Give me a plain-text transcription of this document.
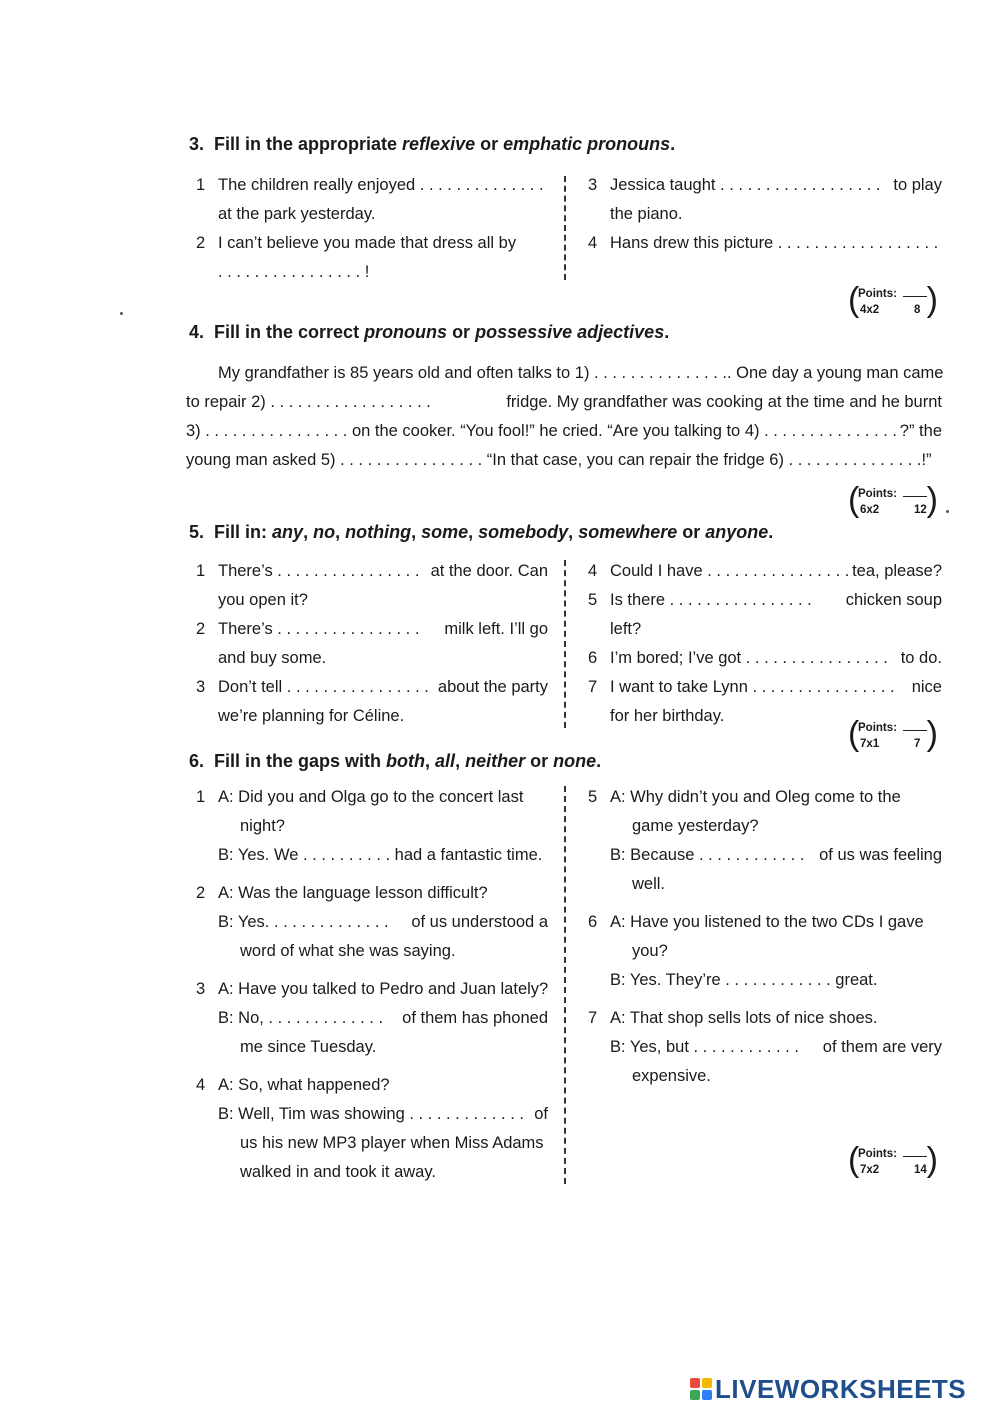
3. Fill in the appropriate reflexive or emphatic pronouns.
1 The children really enjoyed . . . . . . . . . . . . . .
at the park yesterday.
2 I can’t believe you made that dress all by
. . . . . . . . . . . . . . . . !
3 Jessica taught . . . . . . . . . . . . . . . . . . to play
the piano.
4 Hans drew this picture . . . . . . . . . . . . . . . . . .
(
Points:
4x2	8 )
4. Fill in the correct pronouns or possessive adjectives.
My grandfather is 85 years old and often talks to 1) . . . . . . . . . . . . . . . . One day a young man came
to repair 2) . . . . . . . . . . . . . . . . . .	fridge. My grandfather was cooking at the time and he burnt
3) . . . . . . . . . . . . . . . . on the cooker. “You fool!” he cried. “Are you talking to 4) . . . . . . . . . . . . . . . ?” the
young man asked 5) . . . . . . . . . . . . . . . . “In that case, you can repair the fridge 6) . . . . . . . . . . . . . . .!”
(
Points:
6x2	12 )
5. Fill in: any, no, nothing, some, somebody, somewhere or anyone.
1 There’s . . . . . . . . . . . . . . . . at the door. Can
you open it?
2 There’s . . . . . . . . . . . . . . . . milk left. I’ll go
and buy some.
3 Don’t tell . . . . . . . . . . . . . . . . about the party
we’re planning for Céline.
4 Could I have . . . . . . . . . . . . . . . . tea, please?
5 Is there . . . . . . . . . . . . . . . . chicken soup
left?
6 I’m bored; I’ve got . . . . . . . . . . . . . . . . to do.
7 I want to take Lynn . . . . . . . . . . . . . . . . nice
for her birthday.	(
Points:
7x1	7 )
6. Fill in the gaps with both, all, neither or none.
1 A: Did you and Olga go to the concert last
night?
B: Yes. We . . . . . . . . . . had a fantastic time.
2 A: Was the language lesson difficult?
B: Yes. . . . . . . . . . . . . . of us understood a
word of what she was saying.
3 A: Have you talked to Pedro and Juan lately?
B: No, . . . . . . . . . . . . . of them has phoned
me since Tuesday.
4 A: So, what happened?
B: Well, Tim was showing . . . . . . . . . . . . . of
us his new MP3 player when Miss Adams
walked in and took it away.
5 A: Why didn’t you and Oleg come to the
game yesterday?
B: Because . . . . . . . . . . . . of us was feeling
well.
6 A: Have you listened to the two CDs I gave
you?
B: Yes. They’re . . . . . . . . . . . . great.
7 A: That shop sells lots of nice shoes.
B: Yes, but . . . . . . . . . . . . of them are very
expensive.
(
Points:
7x2	14 )
LIVEWORKSHEETS
